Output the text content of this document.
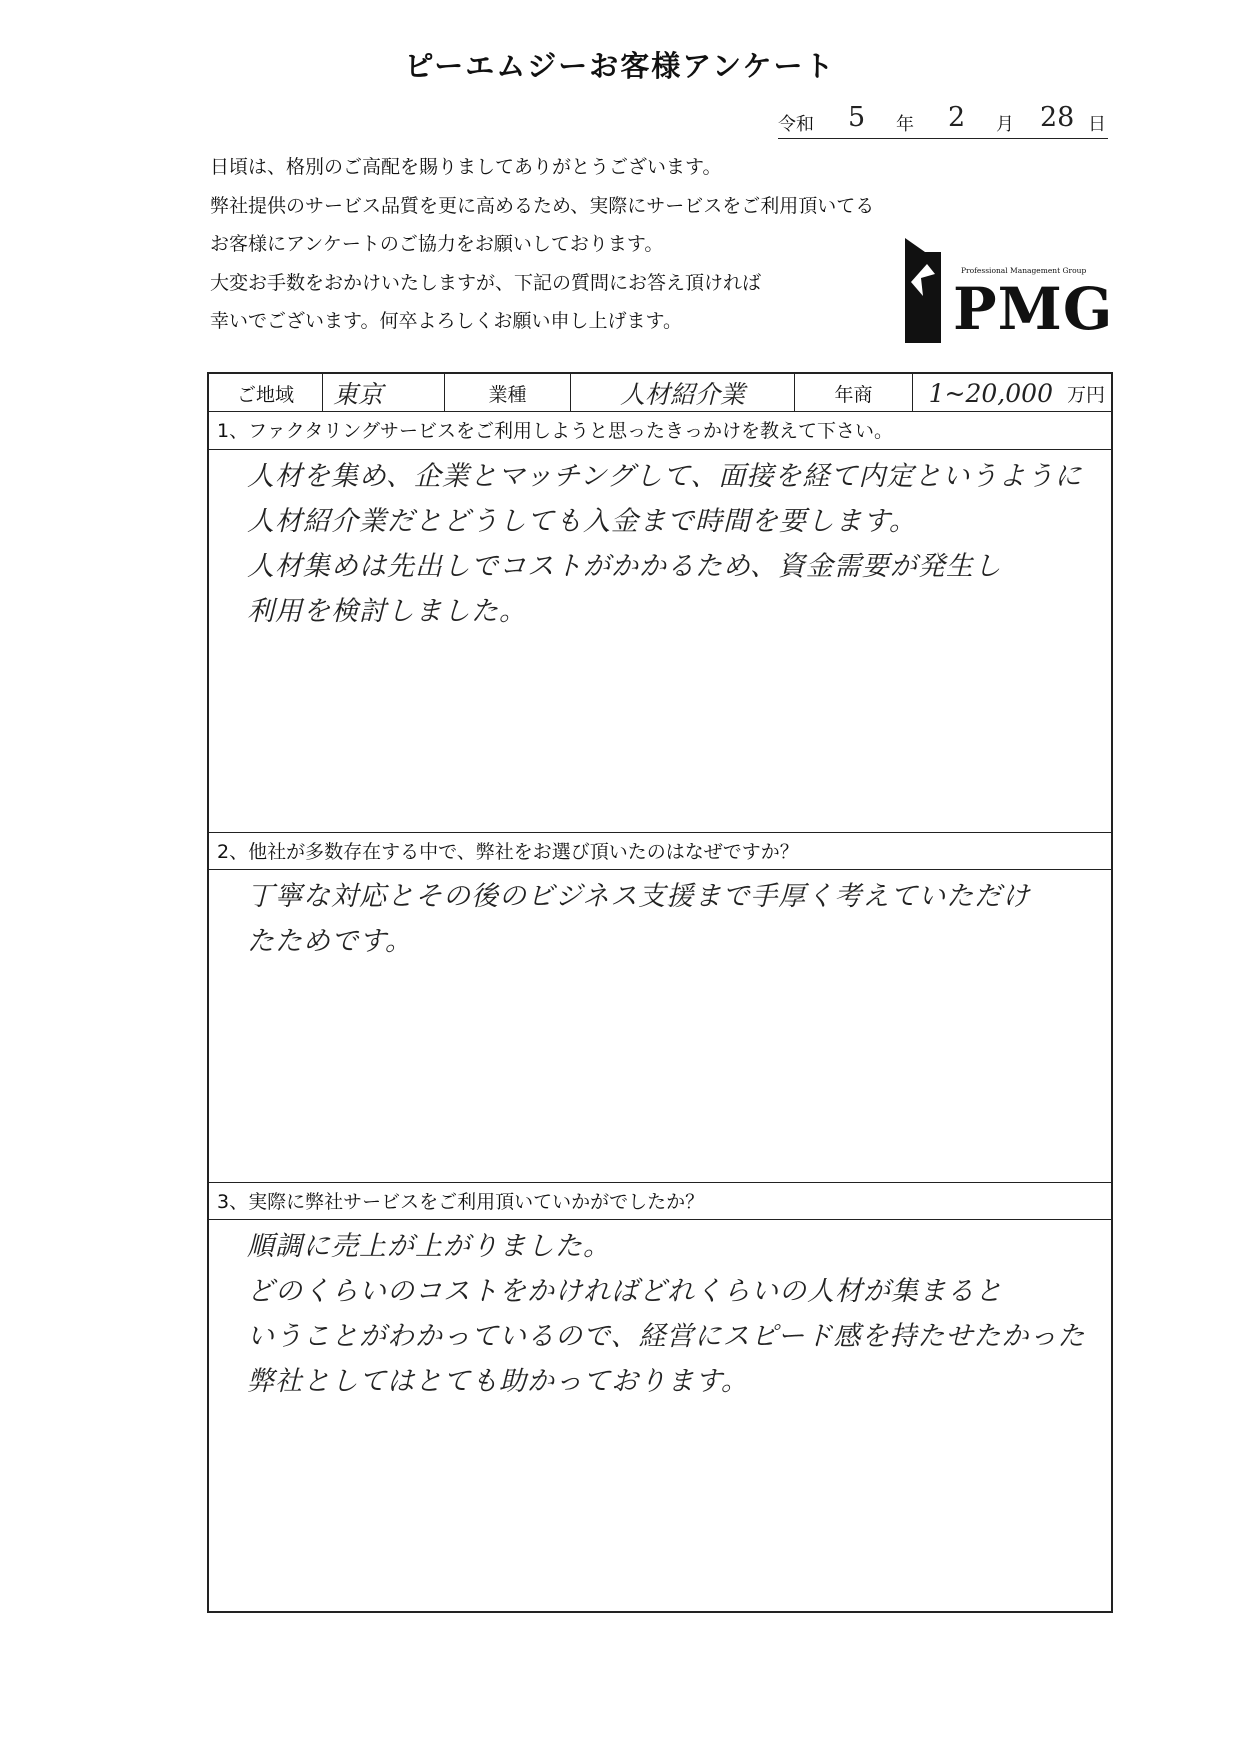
ピーエムジーお客様アンケート
令和 5 年 2 月 28 日
日頃は、格別のご高配を賜りましてありがとうございます。
弊社提供のサービス品質を更に高めるため、実際にサービスをご利用頂いてる
お客様にアンケートのご協力をお願いしております。
大変お手数をおかけいたしますが、下記の質問にお答え頂ければ
幸いでございます。何卒よろしくお願い申し上げます。
Professional Management Group
PMG
ご地域	東京	業種	人材紹介業	年商	1~20,000 万円
1、ファクタリングサービスをご利用しようと思ったきっかけを教えて下さい。
人材を集め、企業とマッチングして、面接を経て内定というように
人材紹介業だとどうしても入金まで時間を要します。
人材集めは先出しでコストがかかるため、資金需要が発生し
利用を検討しました。
2、他社が多数存在する中で、弊社をお選び頂いたのはなぜですか？
丁寧な対応とその後のビジネス支援まで手厚く考えていただけ
たためです。
3、実際に弊社サービスをご利用頂いていかがでしたか？
順調に売上が上がりました。
どのくらいのコストをかければどれくらいの人材が集まると
いうことがわかっているので、経営にスピード感を持たせたかった
弊社としてはとても助かっております。
